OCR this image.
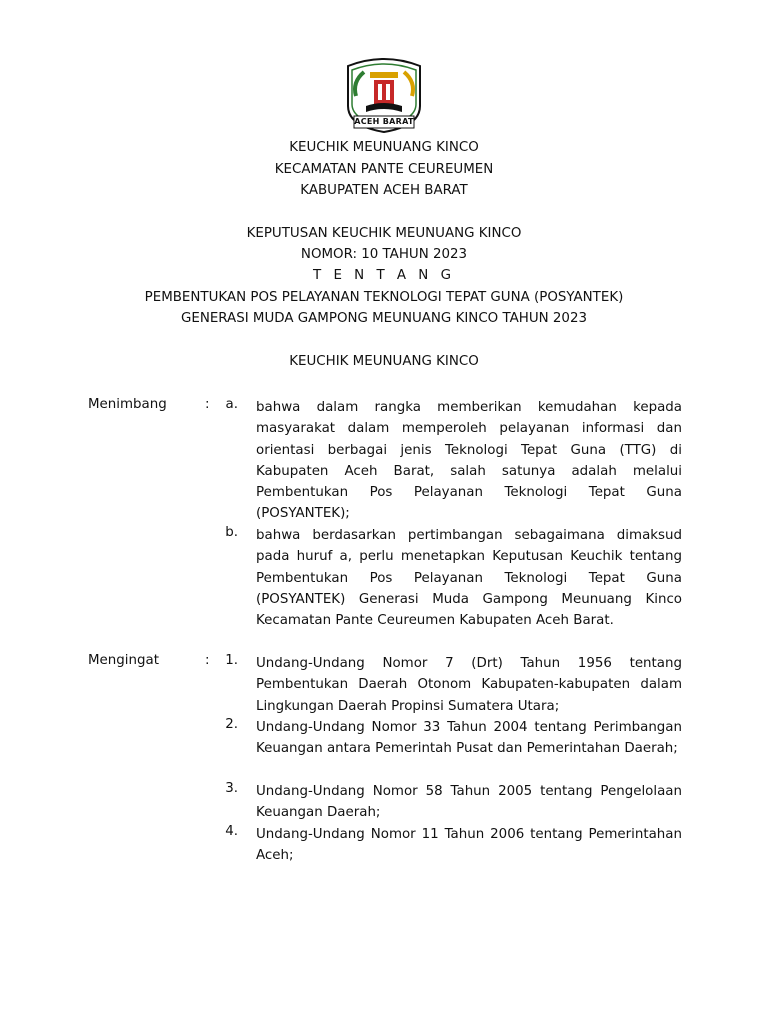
ACEH BARAT
KEUCHIK MEUNUANG KINCO
KECAMATAN PANTE CEUREUMEN
KABUPATEN ACEH BARAT
KEPUTUSAN KEUCHIK MEUNUANG KINCO
NOMOR: 10 TAHUN 2023
T E N T A N G
PEMBENTUKAN POS PELAYANAN TEKNOLOGI TEPAT GUNA (POSYANTEK)
GENERASI MUDA GAMPONG MEUNUANG KINCO TAHUN 2023
KEUCHIK MEUNUANG KINCO
Menimbang	:	a. bahwa dalam rangka memberikan kemudahan kepada masyarakat dalam memperoleh pelayanan informasi dan orientasi berbagai jenis Teknologi Tepat Guna (TTG) di Kabupaten Aceh Barat, salah satunya adalah melalui Pembentukan Pos Pelayanan Teknologi Tepat Guna (POSYANTEK);
b. bahwa berdasarkan pertimbangan sebagaimana dimaksud pada huruf a, perlu menetapkan Keputusan Keuchik tentang Pembentukan Pos Pelayanan Teknologi Tepat Guna (POSYANTEK) Generasi Muda Gampong Meunuang Kinco Kecamatan Pante Ceureumen Kabupaten Aceh Barat.
Mengingat	:	1. Undang-Undang Nomor 7 (Drt) Tahun 1956 tentang Pembentukan Daerah Otonom Kabupaten-kabupaten dalam Lingkungan Daerah Propinsi Sumatera Utara;
2. Undang-Undang Nomor 33 Tahun 2004 tentang Perimbangan Keuangan antara Pemerintah Pusat dan Pemerintahan Daerah;
3. Undang-Undang Nomor 58 Tahun 2005 tentang Pengelolaan Keuangan Daerah;
4. Undang-Undang Nomor 11 Tahun 2006 tentang Pemerintahan Aceh;
